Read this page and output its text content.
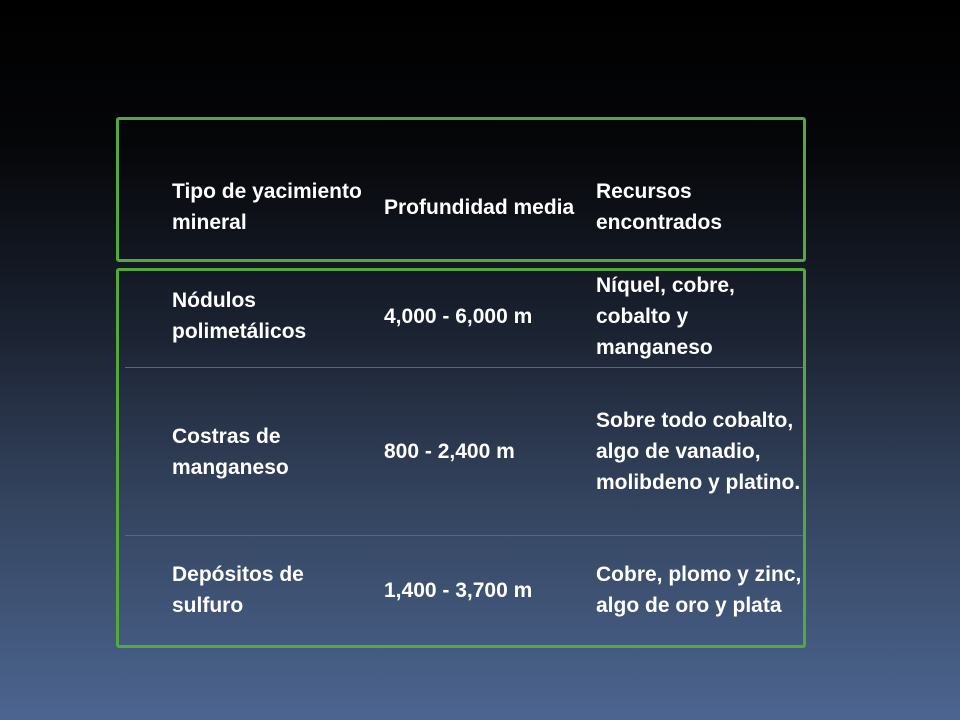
Tipo de yacimiento mineral
Profundidad media
Recursos encontrados
Nódulos polimetálicos
4,000 - 6,000 m
Níquel, cobre, cobalto y manganeso
Costras de manganeso
800 - 2,400 m
Sobre todo cobalto, algo de vanadio, molibdeno y platino.
Depósitos de sulfuro
1,400 - 3,700 m
Cobre, plomo y zinc, algo de oro y plata
